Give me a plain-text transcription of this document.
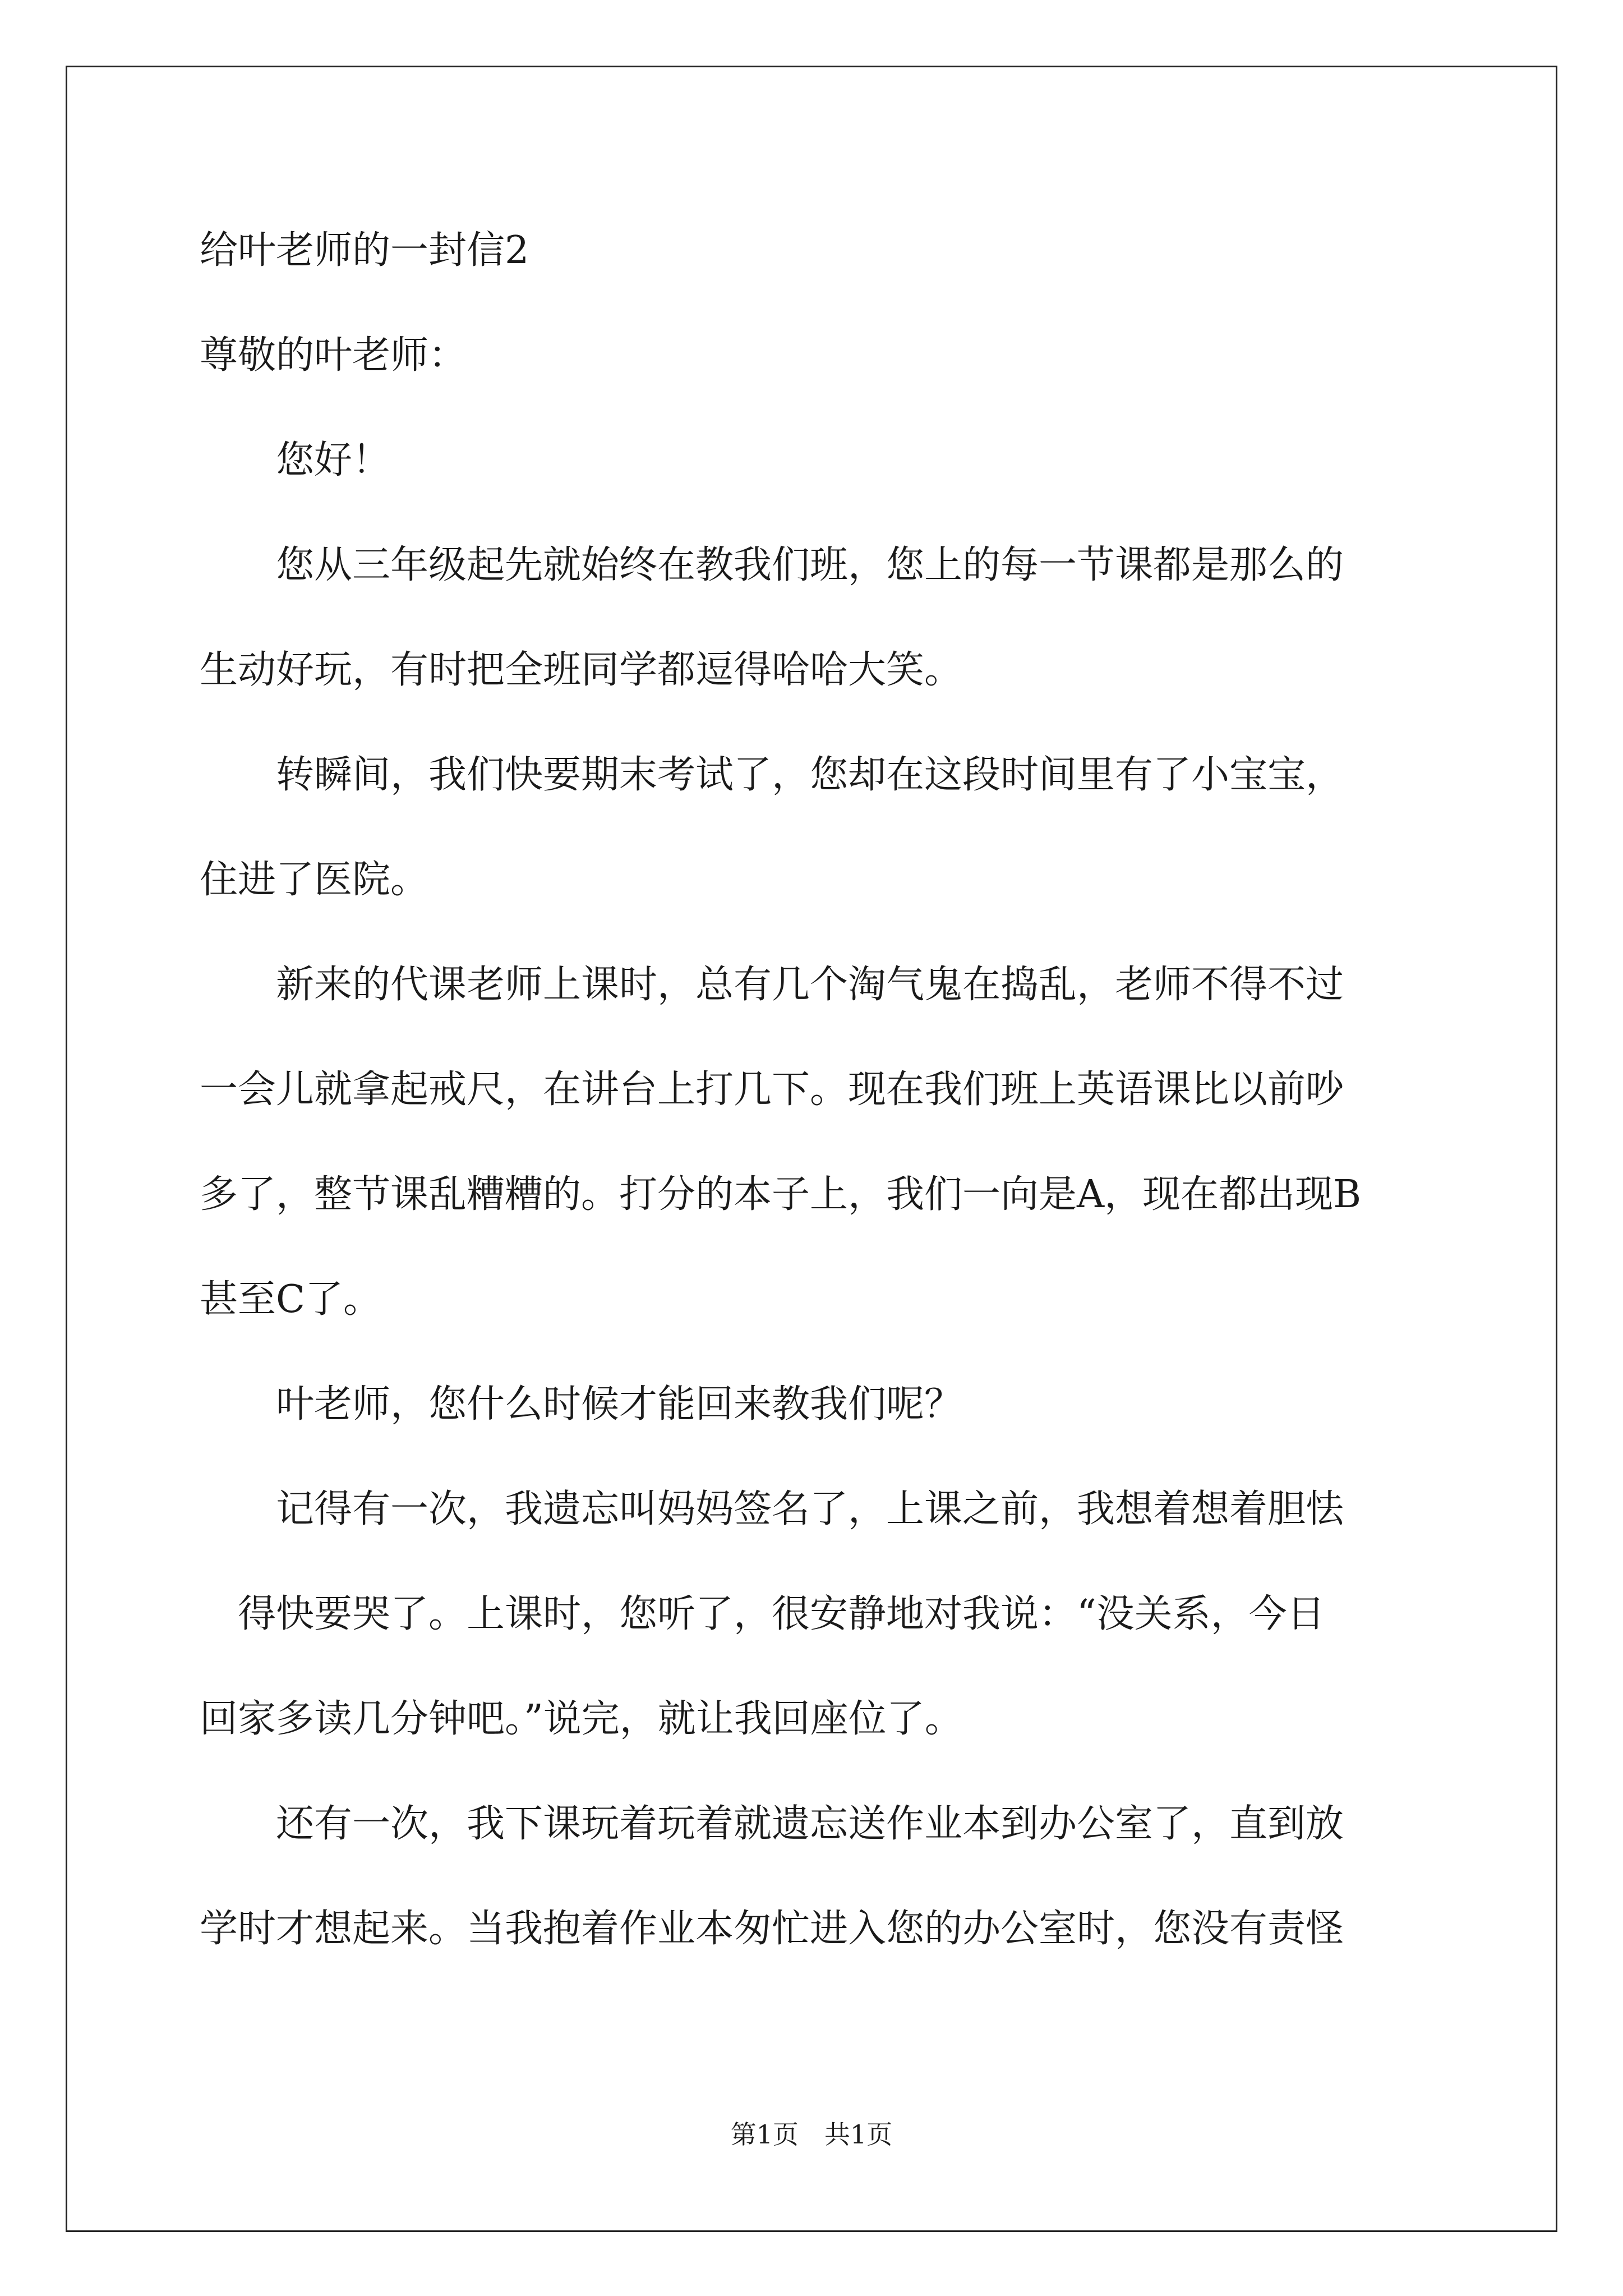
给叶老师的一封信2
尊敬的叶老师：
　　您好！
　　您从三年级起先就始终在教我们班，您上的每一节课都是那么的
生动好玩，有时把全班同学都逗得哈哈大笑。
　　转瞬间，我们快要期末考试了，您却在这段时间里有了小宝宝，
住进了医院。
　　新来的代课老师上课时，总有几个淘气鬼在捣乱，老师不得不过
一会儿就拿起戒尺，在讲台上打几下。现在我们班上英语课比以前吵
多了，整节课乱糟糟的。打分的本子上，我们一向是A，现在都出现B
甚至C了。
　　叶老师，您什么时候才能回来教我们呢？
　　记得有一次，我遗忘叫妈妈签名了，上课之前，我想着想着胆怯
　得快要哭了。上课时，您听了，很安静地对我说：“没关系，今日
回家多读几分钟吧。”说完，就让我回座位了。
　　还有一次，我下课玩着玩着就遗忘送作业本到办公室了，直到放
学时才想起来。当我抱着作业本匆忙进入您的办公室时，您没有责怪
第1页　共1页
